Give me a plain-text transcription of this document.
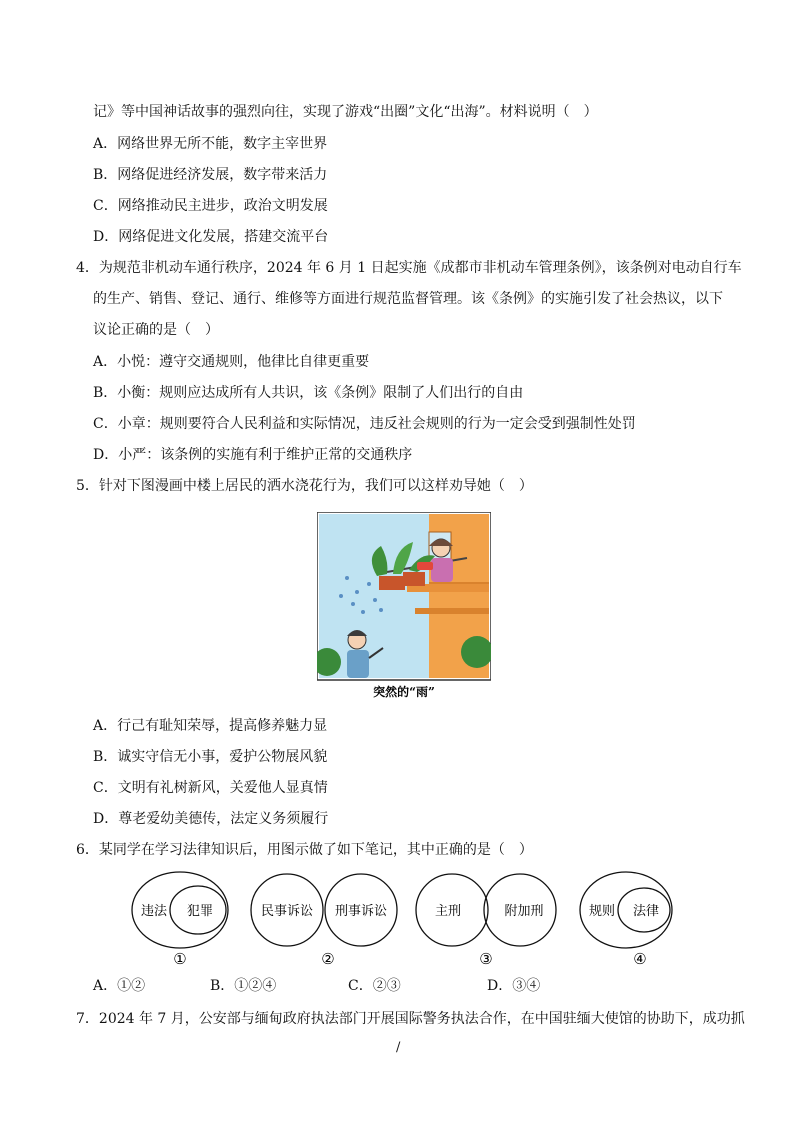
记》等中国神话故事的强烈向往，实现了游戏“出圈”文化“出海”。材料说明（　）
A．网络世界无所不能，数字主宰世界
B．网络促进经济发展，数字带来活力
C．网络推动民主进步，政治文明发展
D．网络促进文化发展，搭建交流平台
4．为规范非机动车通行秩序，2024 年 6 月 1 日起实施《成都市非机动车管理条例》，该条例对电动自行车
的生产、销售、登记、通行、维修等方面进行规范监督管理。该《条例》的实施引发了社会热议，以下
议论正确的是（　）
A．小悦：遵守交通规则，他律比自律更重要
B．小衡：规则应达成所有人共识，该《条例》限制了人们出行的自由
C．小章：规则要符合人民利益和实际情况，违反社会规则的行为一定会受到强制性处罚
D．小严：该条例的实施有利于维护正常的交通秩序
5．针对下图漫画中楼上居民的洒水浇花行为，我们可以这样劝导她（　）
突然的“雨”
A．行己有耻知荣辱，提高修养魅力显
B．诚实守信无小事，爱护公物展风貌
C．文明有礼树新风，关爱他人显真情
D．尊老爱幼美德传，法定义务须履行
6．某同学在学习法律知识后，用图示做了如下笔记，其中正确的是（　）
违法 犯罪
①
民事诉讼 刑事诉讼
②
主刑	附加刑
③
规则 法律
④
A．①②	B．①②④	C．②③	D．③④
7．2024 年 7 月，公安部与缅甸政府执法部门开展国际警务执法合作，在中国驻缅大使馆的协助下，成功抓
/
